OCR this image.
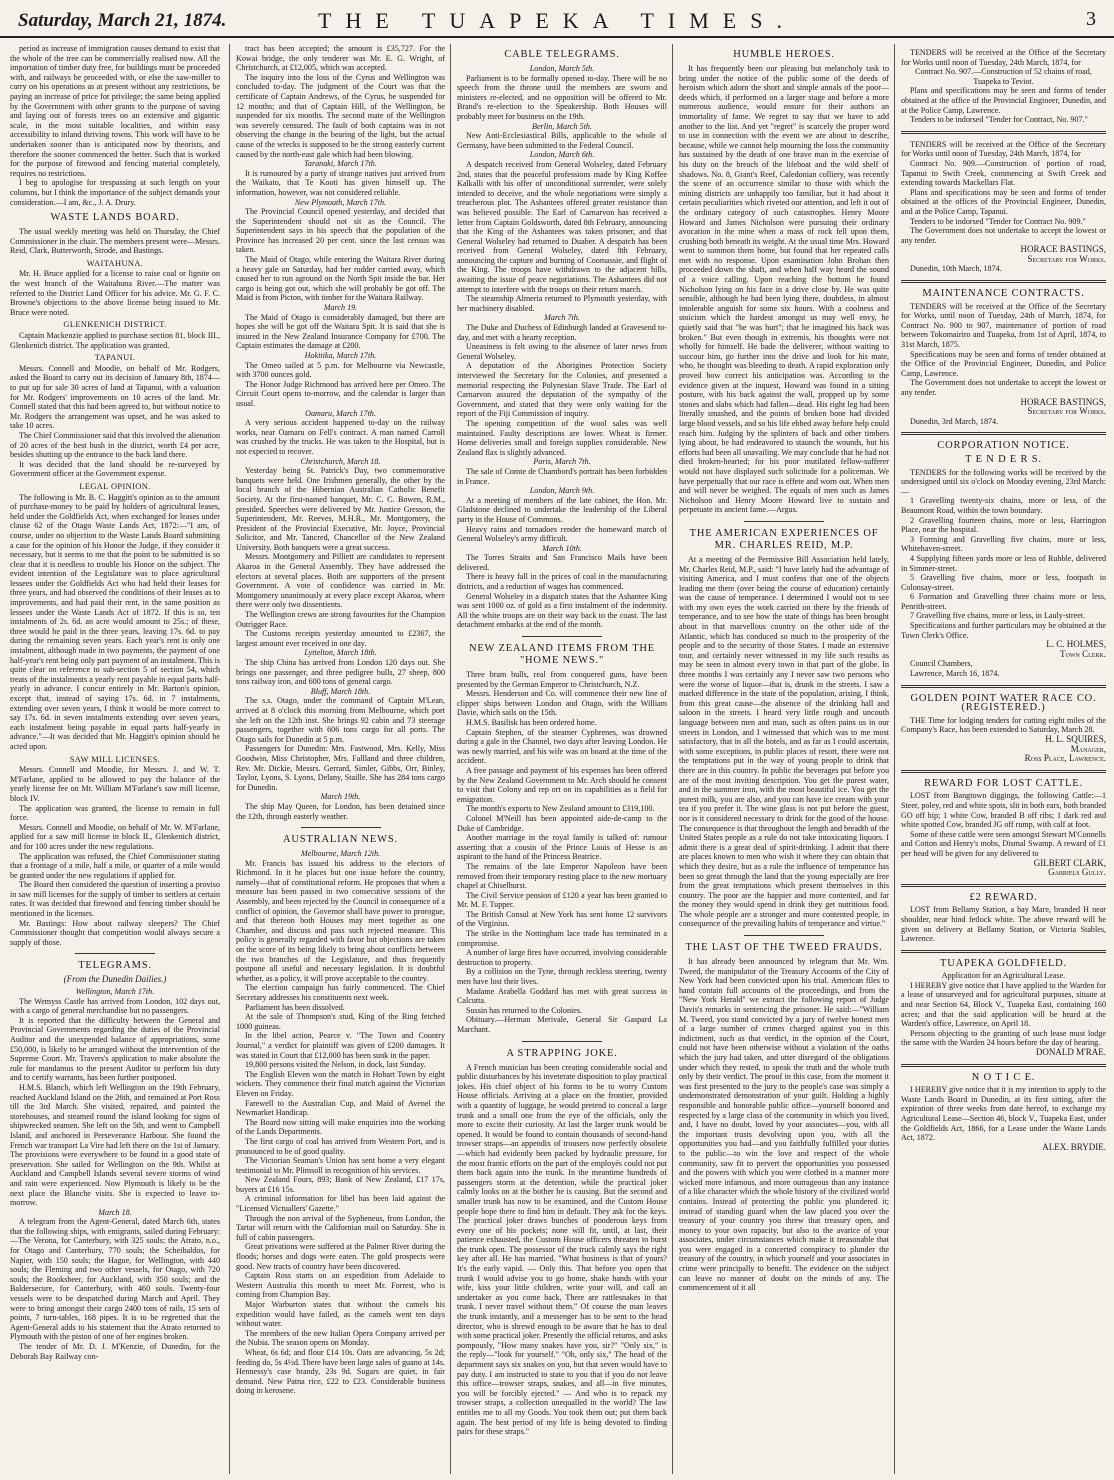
Saturday, March 21, 1874.	THE TUAPEKA TIMES.	3

period as increase of immigration causes demand to exist that the whole of the tree can be commercially realised now. All the importation of timber duty free, for buildings must be proceeded with, and railways be proceeded with, or else the saw-miller to carry on his operations as at present without any restrictions, be paying an increase of price for privilege; the same being applied by the Government with other grants to the purpose of saving and laying out of forests trees on an extensive and gigantic scale, in the most suitable localities, and within easy accessibility to inland thriving towns. This work will have to be undertaken sooner than is anticipated now by theorists, and therefore the sooner commenced the better. Such that is worked for the purpose of firewood and fencing material completely, requires no restrictions.

I beg to apologise for trespassing at such length on your columns, but I think the importance of the subject demands your consideration.—I am, &c., J. A. Drury.

WASTE LANDS BOARD.

The usual weekly meeting was held on Thursday, the Chief Commissioner in the chair. The members present were—Messrs. Reid, Clark, Butterworth, Strode, and Bastings.

WAITAHUNA.

Mr. H. Bruce applied for a license to raise coal or lignite on the west branch of the Waitahuna River.—The matter was referred to the District Land Officer for his advice. Mr. G. F. C. Browne's objections to the above license being issued to Mr. Bruce were noted.

GLENKENICH DISTRICT.

Captain Mackenzie applied to purchase section 81, block III., Glenkenich district. The application was granted.

TAPANUI.

Messrs. Connell and Moodie, on behalf of Mr. Rodgers, asked the Board to carry out its decision of January 8th, 1874—to put up for sale 30 acres of land at Tapanui, with a valuation for Mr. Rodgers' improvements on 10 acres of the land. Mr. Connell stated that this had been agreed to, but without notice to Mr. Rodgers the arrangement was upset, and he was asked to take 10 acres.

The Chief Commissioner said that this involved the alienation of 20 acres of the best bush in the district, worth £4 per acre, besides shutting up the entrance to the back land there.

It was decided that the land should be re-surveyed by Government officer at the Government expense.

LEGAL OPINION.

The following is Mr. B. C. Haggitt's opinion as to the amount of purchase-money to be paid by holders of agricultural leases, held under the Goldfields Act, when exchanged for leases under clause 62 of the Otago Waste Lands Act, 1872:—"I am, of course, under no objection to the Waste Lands Board submitting a case for the opinion of his Honor the Judge, if they consider it necessary, but it seems to me that the point to be submitted is so clear that it is needless to trouble his Honor on the subject. The evident intention of the Legislature was to place agricultural lessees under the Goldfields Act who had held their leases for three years, and had observed the conditions of their leases as to improvements, and had paid their rent, in the same position as lessees under the Waste Lands Act of 1872. If this is so, ten instalments of 2s. 6d. an acre would amount to 25s.; of these, three would be paid in the three years, leaving 17s. 6d. to pay during the remaining seven years. Each year's rent is only one instalment, although made in two payments, the payment of one half-year's rent being only part payment of an instalment. This is quite clear on reference to sub-section 5 of section 54, which treats of the instalments a yearly rent payable in equal parts half-yearly in advance. I concur entirely in Mr. Barton's opinion, except that, instead of saying 17s. 6d. in 7 instalments, extending over seven years, I think it would be more correct to say 17s. 6d. in seven instalments extending over seven years, each instalment being payable in equal parts half-yearly in advance."—It was decided that Mr. Haggitt's opinion should be acted upon.

SAW MILL LICENSES.

Messrs. Connell and Moodie, for Messrs. J. and W. T. M'Farlane, applied to be allowed to pay the balance of the yearly license fee on Mr. William M'Farlane's saw mill license, block IV.

The application was granted, the license to remain in full force.

Messrs. Connell and Moodie, on behalf of Mr. W. M'Farlane, applied for a saw mill license in block II., Glenkenich district, and for 100 acres under the new regulations.

The application was refused, the Chief Commissioner stating that a frontage of a mile, half a mile, or quarter of a mile would be granted under the new regulations if applied for.

The Board then considered the question of inserting a proviso in saw mill licenses for the supply of timber to settlers at certain rates. It was decided that firewood and fencing timber should be mentioned in the licenses.

Mr. Bastings: How about railway sleepers? The Chief Commissioner thought that competition would always secure a supply of those.

TELEGRAMS.
(From the Dunedin Dailies.)

Wellington, March 17th.

The Wemyss Castle has arrived from London, 102 days out, with a cargo of general merchandise but no passengers.

It is reported that the difficulty between the General and Provincial Governments regarding the duties of the Provincial Auditor and the unexpended balance of appropriations, some £50,000, is likely to be arranged without the intervention of the Supreme Court. Mr. Travers's application to make absolute the rule for mandamus to the present Auditor to perform his duty and to certify warrants, has been further postponed.

H.M.S. Blanch, which left Wellington on the 19th February, reached Auckland Island on the 26th, and remained at Port Ross till the 3rd March. She visited, repaired, and painted the storehouses, and steamed round the island looking for signs of shipwrecked seamen. She left on the 5th, and went to Campbell Island, and anchored in Perseverance Harbour. She found the French war transport La Vire had left there on the 1st of January. The provisions were everywhere to be found in a good state of preservation. She sailed for Wellington on the 9th. Whilst at Auckland and Campbell Islands several severe storms of wind and rain were experienced. Now Plymouth is likely to be the next place the Blanche visits. She is expected to leave to-morrow.

March 18.

A telegram from the Agent-General, dated March 6th, states that the following ships, with emigrants, sailed during February:—The Verona, for Canterbury, with 325 souls; the Atrato, n.o., for Otago and Canterbury, 770 souls; the Scheibaldos, for Napier, with 150 souls; the Hague, for Wellington, with 440 souls; the Fleming and two other vessels, for Otago, with 720 souls; the Rooksbeer, for Auckland, with 350 souls; and the Baldersecure, for Canterbury, with 460 souls. Twenty-four vessels were to be despatched during March and April. They were to bring amongst their cargo 2400 tons of rails, 15 sets of points, 7 turn-tables, 168 pipes. It is to be regretted that the Agent-General adds to his statement that the Atrato returned to Plymouth with the piston of one of her engines broken.

The tender of Mr. D. J. M'Kenzie, of Dunedin, for the Deborah Bay Railway con-

tract has been accepted; the amount is £35,727. For the Kowai bridge, the only tenderer was Mr. E. G. Wright, of Christchurch, at £12,005, which was accepted.

The inquiry into the loss of the Cyrus and Wellington was concluded to-day. The judgment of the Court was that the certificate of Captain Andrews, of the Cyrus, be suspended for 12 months; and that of Captain Hill, of the Wellington, be suspended for six months. The second mate of the Wellington was severely censured. The fault of both captains was in not observing the change in the bearing of the light, but the actual cause of the wrecks is supposed to be the strong easterly current caused by the north-east gale which had been blowing.

Taranaki, March 17th.

It is rumoured by a party of strange natives just arrived from the Waikato, that Te Kooti has given himself up. The information, however, was not considered reliable.

New Plymouth, March 17th.

The Provincial Council opened yesterday, and decided that the Superintendent should not sit as the Council. The Superintendent says in his speech that the population of the Province has increased 20 per cent. since the last census was taken.

The Maid of Otago, while entering the Waitara River during a heavy gale on Saturday, had her rudder carried away, which caused her to run aground on the North Spit inside the bar. Her cargo is being got out, which she will probably be got off. The Maid is from Picton, with timber for the Waitara Railway.

March 19.

The Maid of Otago is considerably damaged, but there are hopes she will be got off the Waitara Spit. It is said that she is insured in the New Zealand Insurance Company for £700. The Captain estimates the damage at £200.

Hokitika, March 17th.

The Omeo sailed at 5 p.m. for Melbourne via Newcastle, with 3700 ounces gold.

The Honor Judge Richmond has arrived here per Omeo. The Circuit Court opens to-morrow, and the calendar is larger than usual.

Oamaru, March 17th.

A very serious accident happened to-day on the railway works, near Oamaru on Fell's contract. A man named Carroll was crushed by the trucks. He was taken to the Hospital, but is not expected to recover.

Christchurch, March 18.

Yesterday being St. Patrick's Day, two commemorative banquets were held. One Irishmen generally, the other by the local branch of the Hibernian Australian Catholic Benefit Society. At the first-named banquet, Mr. C. C. Bowen, R.M., presided. Speeches were delivered by Mr. Justice Gresson, the Superintendent, Mr. Reeves, M.H.R., Mr. Montgomery, the President of the Provincial Executive, Mr. Joyce, Provincial Solicitor, and Mr. Tancred, Chancellor of the New Zealand University. Both banquets were a great success.

Messrs. Montgomery and Pilliett are candidates to represent Akaroa in the General Assembly. They have addressed the electors at several places. Both are supporters of the present Government. A vote of confidence was carried in Mr. Montgomery unanimously at every place except Akaroa, where there were only two dissentients.

The Wellington crews are strong favourites for the Champion Outrigger Race.

The Customs receipts yesterday amounted to £2367, the largest amount ever received in one day.

Lyttelton, March 18th.

The ship China has arrived from London 120 days out. She brings one passenger, and three pedigree bulls, 27 sheep, 800 tons railway iron, and 600 tons of general cargo.

Bluff, March 18th.

The s.s. Otago, under the command of Captain M'Lean, arrived at 8 o'clock this morning from Melbourne, which port she left on the 12th inst. She brings 92 cabin and 73 steerage passengers, together with 606 tons cargo for all ports. The Otago sails for Dunedin at 5 p.m.

Passengers for Dunedin: Mrs. Fastwood, Mrs. Kelly, Miss Goodwin, Miss Christopher, Mrs. Fallland and three children, Rev. Mr. Dickie, Messrs. Gerrard, Simler, Gibbs, Orr, Binley, Taylor, Lyons, S. Lyons, Delany, Staille. She has 284 tons cargo for Dunedin.

March 19th.

The ship May Queen, for London, has been detained since the 12th, through easterly weather.

AUSTRALIAN NEWS.

Melbourne, March 12th.

Mr. Francis has issued his address to the electors of Richmond. In it he places but one issue before the country, namely—that of constitutional reform. He proposes that when a measure has been passed in two consecutive sessions of the Assembly, and been rejected by the Council in consequence of a conflict of opinion, the Governor shall have power to prorogue, and that thereon both Houses may meet together as one Chamber, and discuss and pass such rejected measure. This policy is generally regarded with favor but objections are taken on the score of its being likely to bring about conflicts between the two branches of the Legislature, and thus frequently postpone all useful and necessary legislation. It is doubtful whether, as a policy, it will prove acceptable to the country.

The election campaign has fairly commenced. The Chief Secretary addresses his constituents next week.

Parliament has been dissolved.

At the sale of Thompson's stud, King of the Ring fetched 1000 guineas.

In the libel action, Pearce v. "The Town and Country Journal," a verdict for plaintiff was given of £200 damages. It was stated in Court that £12,000 has been sunk in the paper.

19,800 persons visited the Nelson, in dock, last Sunday.

The English Eleven won the match in Hobart Town by eight wickets. They commence their final match against the Victorian Eleven on Friday.

Farewell to the Australian Cup, and Maid of Avenel the Newmarket Handicap.

The Board now sitting will make enquiries into the working of the Lands Departments.

The first cargo of coal has arrived from Western Port, and is pronounced to be of good quality.

The Victorian Seaman's Union has sent home a very elegant testimonial to Mr. Plimsoll in recognition of his services.

New Zealand Fours, 893; Bank of New Zealand, £17 17s, buyers at £16 15s.

A criminal information for libel has been laid against the "Licensed Victuallers' Gazette."

Through the non arrival of the Sypheneus, from London, the Tartar will return with the Californian mail on Saturday. She is full of cabin passengers.

Great privations were suffered at the Palmer River during the floods; horses and dogs were eaten. The gold prospects were good. New tracts of country have been discovered.

Captain Ross starts on an expedition from Adelaide to Western Australia this month to meet Mr. Forrest, who is coming from Champion Bay.

Major Warburton states that without the camels his expedition would have failed, as the camels went ten days without water.

The members of the new Italian Opera Company arrived per the Nubia. The season opens on Monday.

Wheat, 6s 6d; and flour £14 10s. Oats are advancing, 5s 2d; feeding do, 5s 4½d. There have been large sales of guano at 14s. Hennessy's case brandy, 23s 9d. Sugars are quiet, in fair demand. New Patna rice, £22 to £23. Considerable business doing in kerosene.

CABLE TELEGRAMS.

London, March 5th.

Parliament is to be formally opened to-day. There will be no speech from the throne until the members are sworn and ministers re-elected, and no opposition will be offered to Mr. Brand's re-election to the Speakership. Both Houses will probably meet for business on the 19th.

Berlin, March 5th.

New Anti-Ecclesiastical Bills, applicable to the whole of Germany, have been submitted to the Federal Council.

London, March 6th.

A despatch received from General Wolseley, dated February 2nd, states that the peaceful professions made by King Koffee Kalkalli with his offer of unconditional surrender, were solely intended to deceive, and the whole negotiations were simply a treacherous plot. The Ashantees offered greater resistance than was believed possible. The Earl of Carnarvon has received a letter from Captain Goldsworth, dated 8th February, announcing that the King of the Ashantees was taken prisoner, and that General Wolseley had returned to Duaber. A despatch has been received from General Wolseley, dated 8th February, announcing the capture and burning of Coomassie, and flight of the King. The troops have withdrawn to the adjacent hills, awaiting the issue of peace negotiations. The Ashantees did not attempt to interfere with the troops on their return march.

The steamship Almeria returned to Plymouth yesterday, with her machinery disabled.

March 7th.

The Duke and Duchess of Edinburgh landed at Gravesend to-day, and met with a hearty reception.

Uneasiness is felt owing to the absence of later news from General Wolseley.

A deputation of the Aborigines Protection Society interviewed the Secretary for the Colonies, and presented a memorial respecting the Polynesian Slave Trade. The Earl of Carnarvon assured the deputation of the sympathy of the Government, and stated that they were only waiting for the report of the Fiji Commission of inquiry.

The opening competition of the wool sales was well maintained. Faulty descriptions are lower. Wheat is firmer. Home deliveries small and foreign supplies considerable. New Zealand flax is slightly advanced.

Paris, March 7th.

The sale of Comte de Chambord's portrait has been forbidden in France.

London, March 9th.

At a meeting of members of the late cabinet, the Hon. Mr. Gladstone declined to undertake the leadership of the Liberal party in the House of Commons.

Heavy rains and tornadoes render the homeward march of General Wolseley's army difficult.

March 10th.

The Torres Straits and San Francisco Mails have been delivered.

There is heavy fall in the prices of coal in the manufacturing districts, and a reduction of wages has commenced.

General Wolseley in a dispatch states that the Ashantee King was sent 1000 oz. of gold as a first instalment of the indemnity. All the white troops are on their way back to the coast. The last detachment embarks at the end of the month.

NEW ZEALAND ITEMS FROM THE "HOME NEWS."

Three bram bulls, real from conquered guns, have been presented by the German Emperor to Christchurch, N.Z.

Messrs. Henderson and Co. will commence their new line of clipper ships between London and Otago, with the William Davie, which sails on the 15th.

H.M.S. Basilisk has been ordered home.

Captain Stephen, of the steamer Cyphrenes, was drowned during a gale in the Channel, two days after leaving London. He was newly married, and his wife was on board at the time of the accident.

A free passage and payment of his expenses has been offered by the New Zealand Government to Mr. Arch should he consent to visit that Colony and rep ort on its capabilities as a field for emigration.

The month's exports to New Zealand amount to £319,100.

Colonel M'Neill has been appointed aide-de-camp to the Duke of Cambridge.

Another marriage in the royal family is talked of: rumour asserting that a cousin of the Prince Louis of Hesse is an aspirant to the hand of the Princess Beatrice.

The remains of the late Emperor Napoleon have been removed from their temporary resting place to the new mortuary chapel at Chiselhurst.

The Civil Service pension of £120 a year has been granted to Mr. M. F. Tupper.

The British Consul at New York has sent home 12 survivors of the Virginius.

The strike in the Nottingham lace trade has terminated in a compromise.

A number of large fires have occurred, involving considerable destruction to property.

By a collision on the Tyne, through reckless steering, twenty men have lost their lives.

Madame Arabella Goddard has met with great success in Calcutta.

Sussin has returned to the Colonies.

Obituary.—Herman Merivale, General Sir Gaspard La Marchant.

A STRAPPING JOKE.

A French musician has been creating considerable social and public disturbances by his inveterate disposition to play practical jokes. His chief object of his forms to be to worry Custom House officials. Arriving at a place on the frontier, provided with a quantity of luggage, he would pretend to conceal a large trunk and a small one from the eye of the officials, only the more to excite their curiosity. At last the larger trunk would be opened. It would be found to contain thousands of second-hand trowser straps—an appendix of trousers now perfectly obsolete—which had evidently been packed by hydraulic pressure, for the most frantic efforts on the part of the employés could not put them back again into the trunk. In the meantime hundreds of passengers storm at the detention, while the practical joker calmly looks on at the bother he is causing. But the second and smaller trunk has now to be examined, and the Custom House people hope there to find him in default. They ask for the keys. The practical joker draws bunches of ponderous keys from every one of his pockets; none will fit, until, at last, their patience exhausted, the Custom House officers threaten to burst the trunk open. The possessor of the truck calmly says the right key after all. He has married. "What business is that of yours? It's the early vapid. — Only this. That before you open that trunk I would advise you to go home, shake hands with your wife, kiss your little children, write your will, and call an undertaker as you come back, There are rattlesnakes in that trunk. I never travel without them." Of course the man leaves the trunk instantly, and a messenger has to be sent to the head director, who is shrewd enough to be aware that he has to deal with some practical joker. Presently the official returns, and asks pompously, "How many snakes have you, sir?" "Only six," is the reply—"look for yourself." "Oh, only six," The head of the department says six snakes on you, but that seven would have to pay duty. I am instructed to state to you that if you do not leave this office—trowser straps, snakes, and all—in five minutes, you will be forcibly ejected." — And who is to repack my trowser straps, a collection unequalled in the world? The law entitles me to all my Goods. You took them out; put them back again. The best period of my life is being devoted to finding pairs for these straps."

HUMBLE HEROES.

It has frequently been our pleasing but melancholy task to bring under the notice of the public some of the deeds of heroism which adorn the short and simple annals of the poor—deeds which, if performed on a larger stage and before a more numerous audience, would ensure for their authors an immortality of fame. We regret to say that we have to add another to the list. And yet "regret" is scarcely the proper word to use in connection with the event we are about to describe, because, while we cannot help mourning the loss the community has sustained by the death of one brave man in the exercise of his duty on the breach of the lifeboat and the wild shelf of shadows. No. 8, Grant's Reef, Caledonian colliery, was recently the scene of an occurrence similar to those with which the mining districts are unhappily too familiar, but it had about it certain peculiarities which riveted our attention, and left it out of the ordinary category of such catastrophes. Henry Moore Howard and James Nicholson were pursuing their ordinary avocation in the mine when a mass of rock fell upon them, crushing both beneath its weight. At the usual time Mrs. Howard went to summon them home, but found that her repeated calls met with no response. Upon examination John Brohan then proceeded down the shaft, and when half way heard the sound of a voice calling. Upon reaching the bottom he found Nicholson lying on his face in a drive close by. He was quite sensible, although he had been lying there, doubtless, in almost intolerable anguish for some six hours. With a coolness and stoicism which the hardest amongst us may well envy, he quietly said that "he was hurt"; that he imagined his back was broken." But even though in extremis, his thoughts were not wholly for himself. He bade the deliverer, without waiting to succour him, go further into the drive and look for his mate, who, he thought was bleeding to death. A rapid exploration only proved how correct his anticipation was. According to the evidence given at the inquest, Howard was found in a sitting posture, with his back against the wall, propped up by some stones and slabs which had fallen—dead. His right leg had been literally smashed, and the points of broken bone had divided large blood vessels, and so his life ebbed away before help could reach him. Judging by the splinters of back and other timbers lying about, he had endeavored to staunch the wounds, but his efforts had been all unavailing. We may conclude that he had not died broken-hearted; for his poor mutilated fellow-sufferer would not have displayed such solicitude for a policeman. We have perpetually that our race is effete and worn out. When men and will never be weighed. The equals of men such as James Nicholson and Henry Moore Howard live to sustain and perpetuate its ancient fame.—Argus.

THE AMERICAN EXPERIENCES OF MR. CHARLES REID, M.P.

At a meeting of the Permissive Bill Association held lately, Mr. Charles Reid, M.P., said: "I have lately had the advantage of visiting America, and I must confess that one of the objects leading me there (over being the course of education) certainly was the cause of temperance. I determined I would not to see with my own eyes the work carried on there by the friends of temperance, and to see how the state of things has been brought about in that marvellous country on the other side of the Atlantic, which has conduced so much to the prosperity of the people and to the security of those States. I made an extensive tour, and certainly never witnessed in my life such results as may be seen in almost every town in that part of the globe. In three months I was certainly any I never saw two persons who were the worse of liquor—that is, drunk in the streets. I saw a marked difference in the state of the population, arising, I think, from this great cause—the absence of the drinking hall and saloon in the streets. I heard very little rough and uncouth language between men and man, such as often pains us in our streets in London, and I witnessed that which was to me most satisfactory, that in all the hotels, and as far as I could ascertain, with some exceptions, in public places of resort, there were not the temptations put in the way of young people to drink that there are in this country. In public the beverages put before you are of the most inviting description. You get the purest water, and in the summer iron, with the most beautiful ice. You get the purest milk, you are also, and you can have ice cream with your tea if you prefer it. The wine glass is not put before the guest, nor is it considered necessary to drink for the good of the house. The consequence is that throughout the length and breadth of the United States people as a rule do not take intoxicating liquors. I admit there is a great deal of spirit-drinking. I admit that there are places known to men who wish it where they can obtain that which they desire, but as a rule the influence of temperance has been so great through the land that the young especially are free from the great temptations which present themselves in this country. The poor are the happier and more contented, and far the money they would spend in drink they get nutritious food. The whole people are a stronger and more contented people, in consequence of the prevailing habits of temperance and virtue."

THE LAST OF THE TWEED FRAUDS.

It has already been announced by telegram that Mr. Wm. Tweed, the manipulator of the Treasury Accounts of the City of New York had been convicted upon his trial. American files to hand contain full accounts of the proceedings, and from the "New York Herald" we extract the following report of Judge Davis's remarks in sentencing the prisoner. He said:—"William M. Tweed, you stand convicted by a jury of twelve honest men of a large number of crimes charged against you in this indictment, such as that verdict, in the opinion of the Court, could not have been otherwise without a violation of the oaths which the jury had taken, and utter disregard of the obligations under which they rested, to speak the truth and the whole truth only by their verdict. The proof in this case, from the moment it was first presented to the jury to the people's case was simply a undemonstrated demonstration of your guilt. Holding a highly responsible and honorable public office—yourself honored and respected by a large class of the community in which you lived, and, I have no doubt, loved by your associates—you, with all the important trusts devolving upon you, with all the opportunities you had—and you faithfully fulfilled your duties to the public—to win the love and respect of the whole community, saw fit to pervert the opportunities you possessed and the powers with which you were clothed in a manner more wicked more infamous, and more outrageous than any instance of a like character which the whole history of the civilized world contains. Instead of protecting the public you plundered it; instead of standing guard when the law placed you over the treasury of your country you threw that treasury open, and money to your own rapacity, but also to the avarice of your associates, under circumstances which make it treasonable that you were engaged in a concerted conspiracy to plunder the treasury of the country, in which yourself and your associates in crime were principally to benefit. The evidence on the subject can leave no manner of doubt on the minds of any. The commencement of it all

TENDERS will be received at the Office of the Secretary for Works until noon of Tuesday, 24th March, 1874, for

Contract No. 907.—Construction of 52 chains of road, Tuapeka to Teviot.

Plans and specifications may be seen and forms of tender obtained at the office of the Provincial Engineer, Dunedin, and at the Police Camp, Lawrence.

Tenders to be indorsed "Tender for Contract, No. 907."

TENDERS will be received at the Office of the Secretary for Works until noon of Tuesday, 24th March, 1874, for

Contract No. 909.—Construction of portion of road, Tapanui to Swift Creek, commencing at Swift Creek and extending towards Mackellars Flat.

Plans and specifications may be seen and forms of tender obtained at the offices of the Provincial Engineer, Dunedin, and at the Police Camp, Tapanui.

Tenders to be indorsed "Tender for Contract No. 909."

The Government does not undertake to accept the lowest or any tender.

HORACE BASTINGS,
Secretary for Works.

Dunedin, 10th March, 1874.

MAINTENANCE CONTRACTS.

TENDERS will be received at the Office of the Secretary for Works, until noon of Tuesday, 24th of March, 1874, for Contract No. 900 to 907, maintenance of portion of road between Tokomairiro and Tuapeka, from 1st of April, 1874, to 31st March, 1875.

Specifications may be seen and forms of tender obtained at the Office of the Provincial Engineer, Dunedin, and Police Camp, Lawrence.

The Government does not undertake to accept the lowest or any tender.

HORACE BASTINGS,
Secretary for Works.

Dunedin, 3rd March, 1874.

CORPORATION NOTICE.
T E N D E R S.

TENDERS for the following works will be received by the undersigned until six o'clock on Monday evening, 23rd March:—

1 Gravelling twenty-six chains, more or less, of the Beaumont Road, within the town boundary.

2 Gravelling fourteen chains, more or less, Harrington Place, near the hospital.

3 Forming and Gravelling five chains, more or less, Whitehaven-street.

4 Supplying fifteen yards more or less of Rubble, delivered in Simmer-street.

5 Gravelling five chains, more or less, footpath in Colonsay-street.

6 Formation and Gravelling three chains more or less, Penrith-street.

7 Gravelling five chains, more or less, in Lauly-street.

Specifications and further particulars may be obtained at the Town Clerk's Office.

L. C. HOLMES,
Town Clerk.

Council Chambers,

Lawrence, March 16, 1874.

GOLDEN POINT WATER RACE CO. (REGISTERED.)

THE Time for lodging tenders for cutting eight miles of the Company's Race, has been extended to Saturday, March 28.

H. L. SQUIRES,
Manager,
Ross Place, Lawrence.
REWARD FOR LOST CATTLE.

LOST from Bangtown diggings, the following Cattle:—1 Steer, poley, red and white spots, slit in both ears, both branded GO off hip; 1 white Cow, branded B off ribs; 1 dark red and white spotted Cow, branded JG off rump, with calf at foot.

Some of these cattle were seen amongst Stewart M'Connells and Cotton and Henry's mobs, Dismal Swamp. A reward of £1 per head will be given for any delivered to

GILBERT CLARK,
Gabriels Gully.
£2 REWARD.

LOST from Bellamy Station, a bay Mare, branded H near shoulder, near hind fetlock white. The above reward will be given on delivery at Bellamy Station, or Victoria Stables, Lawrence.

TUAPEKA GOLDFIELD.

Application for an Agricultural Lease.

I HEREBY give notice that I have applied to the Warden for a lease of unsurveyed and for agricultural purposes, situate at and near Section 64, Block V., Tuapeka East, containing 160 acres; and that the said application will be heard at the Warden's office, Lawrence, on April 18.

Persons objecting to the granting of such lease must lodge the same with the Warden 24 hours before the day of hearing.

DONALD M'RAE.
N O T I C E.

I HEREBY give notice that it is my intention to apply to the Waste Lands Board in Dunedin, at its first sitting, after the expiration of three weeks from date hereof, to exchange my Agricultural Lease—Section 46, block V., Tuapeka East, under the Goldfields Act, 1866, for a Lease under the Waste Lands Act, 1872.

ALEX. BRYDIE.
